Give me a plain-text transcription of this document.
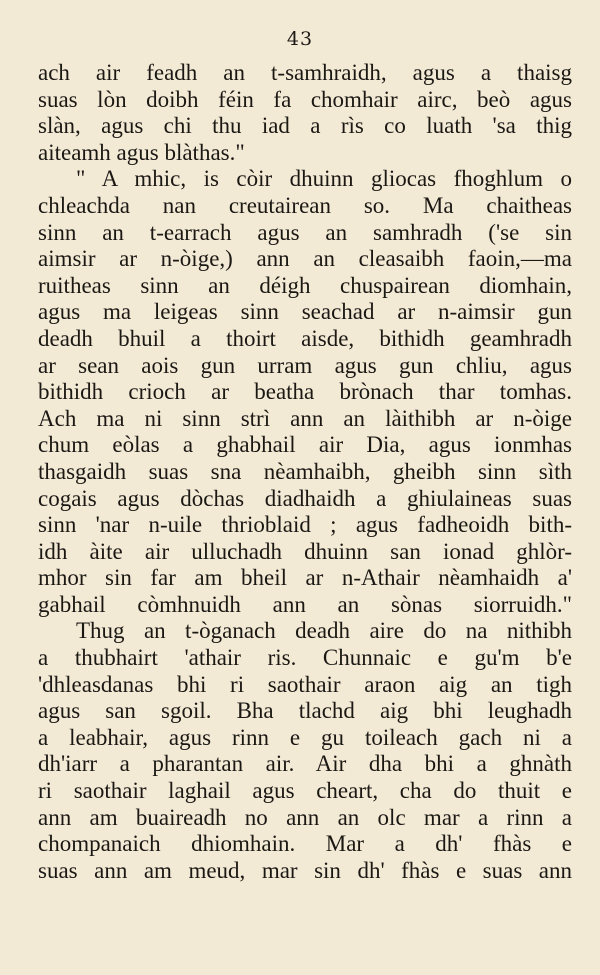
43
ach air feadh an t-samhraidh, agus a thaisg
suas lòn doibh féin fa chomhair airc, beò agus
slàn, agus chi thu iad a rìs co luath 'sa thig
aiteamh agus blàthas."
" A mhic, is còir dhuinn gliocas fhoghlum o
chleachda nan creutairean so. Ma chaitheas
sinn an t-earrach agus an samhradh ('se sin
aimsir ar n-òige,) ann an cleasaibh faoin,—ma
ruitheas sinn an déigh chuspairean diomhain,
agus ma leigeas sinn seachad ar n-aimsir gun
deadh bhuil a thoirt aisde, bithidh geamhradh
ar sean aois gun urram agus gun chliu, agus
bithidh crioch ar beatha brònach thar tomhas.
Ach ma ni sinn strì ann an làithibh ar n-òige
chum eòlas a ghabhail air Dia, agus ionmhas
thasgaidh suas sna nèamhaibh, gheibh sinn sìth
cogais agus dòchas diadhaidh a ghiulaineas suas
sinn 'nar n-uile thrioblaid ; agus fadheoidh bith-
idh àite air ulluchadh dhuinn san ionad ghlòr-
mhor sin far am bheil ar n-Athair nèamhaidh a'
gabhail còmhnuidh ann an sònas siorruidh."
Thug an t-òganach deadh aire do na nithibh
a thubhairt 'athair ris. Chunnaic e gu'm b'e
'dhleasdanas bhi ri saothair araon aig an tigh
agus san sgoil. Bha tlachd aig bhi leughadh
a leabhair, agus rinn e gu toileach gach ni a
dh'iarr a pharantan air. Air dha bhi a ghnàth
ri saothair laghail agus cheart, cha do thuit e
ann am buaireadh no ann an olc mar a rinn a
chompanaich dhiomhain. Mar a dh' fhàs e
suas ann am meud, mar sin dh' fhàs e suas ann
